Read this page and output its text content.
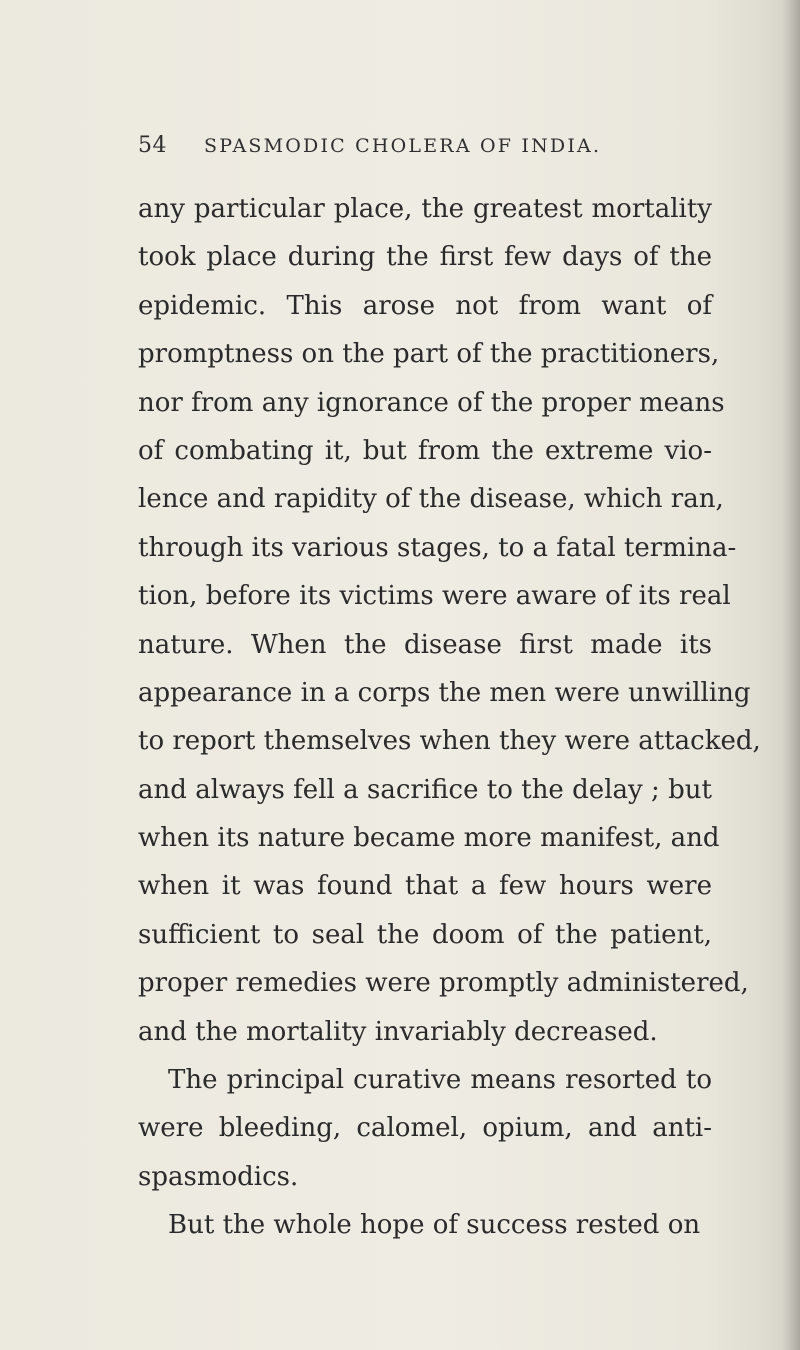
54 SPASMODIC CHOLERA OF INDIA.
any particular place, the greatest mortality
took place during the first few days of the
epidemic. This arose not from want of
promptness on the part of the practitioners,
nor from any ignorance of the proper means
of combating it, but from the extreme vio-
lence and rapidity of the disease, which ran,
through its various stages, to a fatal termina-
tion, before its victims were aware of its real
nature. When the disease first made its
appearance in a corps the men were unwilling
to report themselves when they were attacked,
and always fell a sacrifice to the delay ; but
when its nature became more manifest, and
when it was found that a few hours were
sufficient to seal the doom of the patient,
proper remedies were promptly administered,
and the mortality invariably decreased.
The principal curative means resorted to
were bleeding, calomel, opium, and anti-
spasmodics.
But the whole hope of success rested on
